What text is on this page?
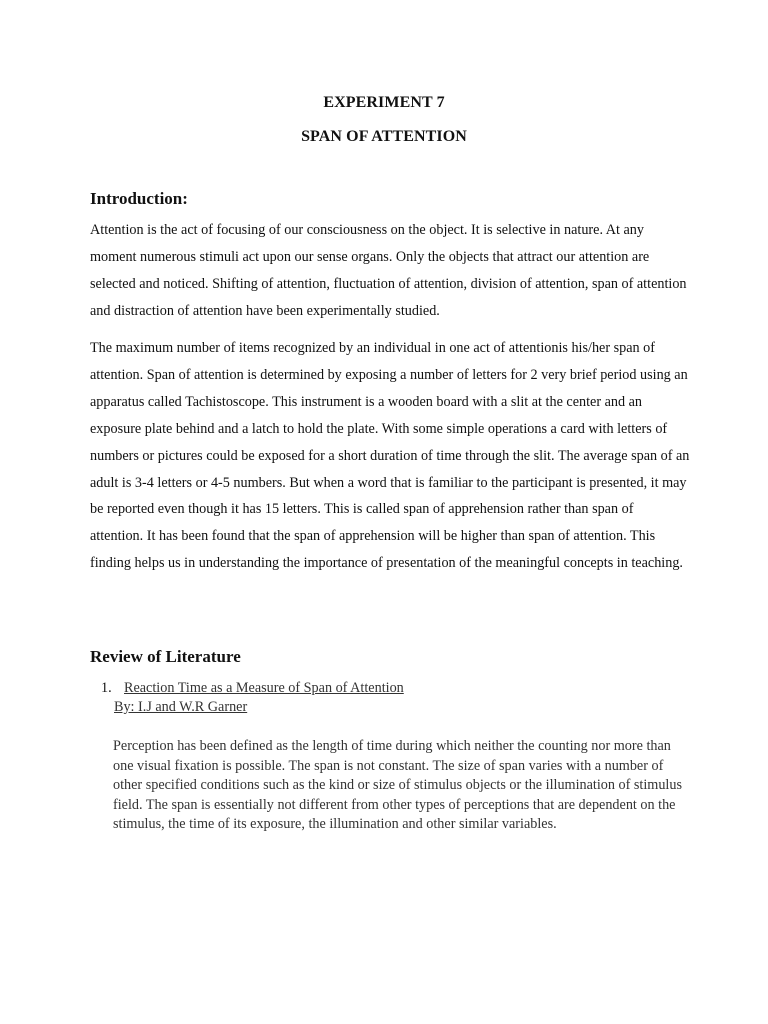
EXPERIMENT 7
SPAN OF ATTENTION
Introduction:

Attention is the act of focusing of our consciousness on the object. It is selective in nature. At any moment numerous stimuli act upon our sense organs. Only the objects that attract our attention are selected and noticed. Shifting of attention, fluctuation of attention, division of attention, span of attention and distraction of attention have been experimentally studied.

The maximum number of items recognized by an individual in one act of attentionis his/her span of attention. Span of attention is determined by exposing a number of letters for 2 very brief period using an apparatus called Tachistoscope. This instrument is a wooden board with a slit at the center and an exposure plate behind and a latch to hold the plate. With some simple operations a card with letters of numbers or pictures could be exposed for a short duration of time through the slit. The average span of an adult is 3-4 letters or 4-5 numbers. But when a word that is familiar to the participant is presented, it may be reported even though it has 15 letters. This is called span of apprehension rather than span of attention. It has been found that the span of apprehension will be higher than span of attention. This finding helps us in understanding the importance of presentation of the meaningful concepts in teaching.

Review of Literature
1. Reaction Time as a Measure of Span of Attention
By: I.J and W.R Garner

Perception has been defined as the length of time during which neither the counting nor more than one visual fixation is possible. The span is not constant. The size of span varies with a number of other specified conditions such as the kind or size of stimulus objects or the illumination of stimulus field. The span is essentially not different from other types of perceptions that are dependent on the stimulus, the time of its exposure, the illumination and other similar variables.
